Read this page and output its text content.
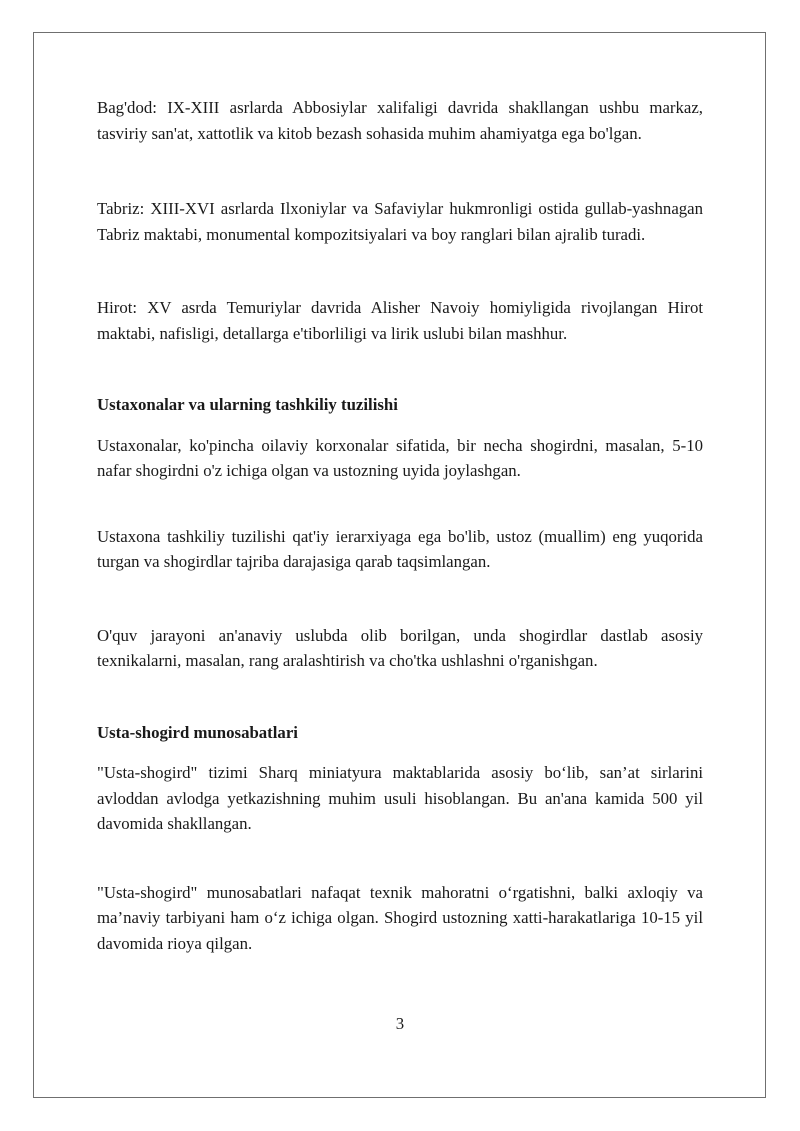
Bag'dod: IX-XIII asrlarda Abbosiylar xalifaligi davrida shakllangan ushbu markaz, tasviriy san'at, xattotlik va kitob bezash sohasida muhim ahamiyatga ega bo'lgan.

Tabriz: XIII-XVI asrlarda Ilxoniylar va Safaviylar hukmronligi ostida gullab-yashnagan Tabriz maktabi, monumental kompozitsiyalari va boy ranglari bilan ajralib turadi.

Hirot: XV asrda Temuriylar davrida Alisher Navoiy homiyligida rivojlangan Hirot maktabi, nafisligi, detallarga e'tiborliligi va lirik uslubi bilan mashhur.

Ustaxonalar va ularning tashkiliy tuzilishi

Ustaxonalar, ko'pincha oilaviy korxonalar sifatida, bir necha shogirdni, masalan, 5-10 nafar shogirdni o'z ichiga olgan va ustozning uyida joylashgan.

Ustaxona tashkiliy tuzilishi qat'iy ierarxiyaga ega bo'lib, ustoz (muallim) eng yuqorida turgan va shogirdlar tajriba darajasiga qarab taqsimlangan.

O'quv jarayoni an'anaviy uslubda olib borilgan, unda shogirdlar dastlab asosiy texnikalarni, masalan, rang aralashtirish va cho'tka ushlashni o'rganishgan.

Usta-shogird munosabatlari

"Usta-shogird" tizimi Sharq miniatyura maktablarida asosiy bo‘lib, san’at sirlarini avloddan avlodga yetkazishning muhim usuli hisoblangan. Bu an'ana kamida 500 yil davomida shakllangan.

"Usta-shogird" munosabatlari nafaqat texnik mahoratni o‘rgatishni, balki axloqiy va ma’naviy tarbiyani ham o‘z ichiga olgan. Shogird ustozning xatti-harakatlariga 10-15 yil davomida rioya qilgan.

3
